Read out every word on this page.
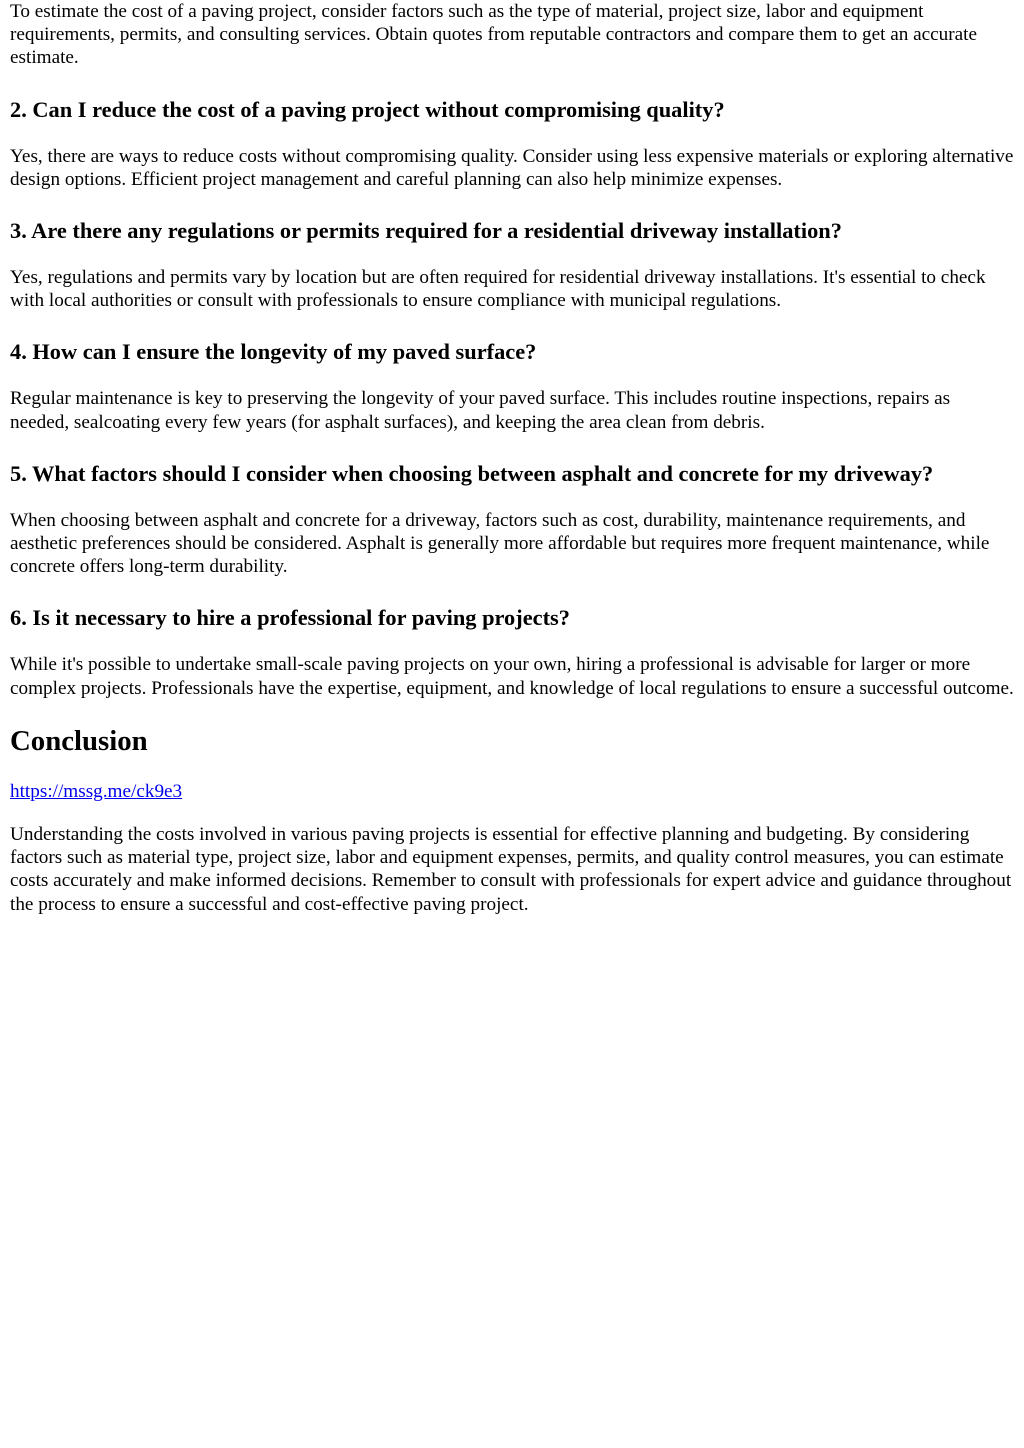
To estimate the cost of a paving project, consider factors such as the type of material, project size, labor and equipment requirements, permits, and consulting services. Obtain quotes from reputable contractors and compare them to get an accurate estimate.

2. Can I reduce the cost of a paving project without compromising quality?

Yes, there are ways to reduce costs without compromising quality. Consider using less expensive materials or exploring alternative design options. Efficient project management and careful planning can also help minimize expenses.

3. Are there any regulations or permits required for a residential driveway installation?

Yes, regulations and permits vary by location but are often required for residential driveway installations. It's essential to check with local authorities or consult with professionals to ensure compliance with municipal regulations.

4. How can I ensure the longevity of my paved surface?

Regular maintenance is key to preserving the longevity of your paved surface. This includes routine inspections, repairs as needed, sealcoating every few years (for asphalt surfaces), and keeping the area clean from debris.

5. What factors should I consider when choosing between asphalt and concrete for my driveway?

When choosing between asphalt and concrete for a driveway, factors such as cost, durability, maintenance requirements, and aesthetic preferences should be considered. Asphalt is generally more affordable but requires more frequent maintenance, while concrete offers long-term durability.

6. Is it necessary to hire a professional for paving projects?

While it's possible to undertake small-scale paving projects on your own, hiring a professional is advisable for larger or more complex projects. Professionals have the expertise, equipment, and knowledge of local regulations to ensure a successful outcome.

Conclusion

https://mssg.me/ck9e3

Understanding the costs involved in various paving projects is essential for effective planning and budgeting. By considering factors such as material type, project size, labor and equipment expenses, permits, and quality control measures, you can estimate costs accurately and make informed decisions. Remember to consult with professionals for expert advice and guidance throughout the process to ensure a successful and cost-effective paving project.
